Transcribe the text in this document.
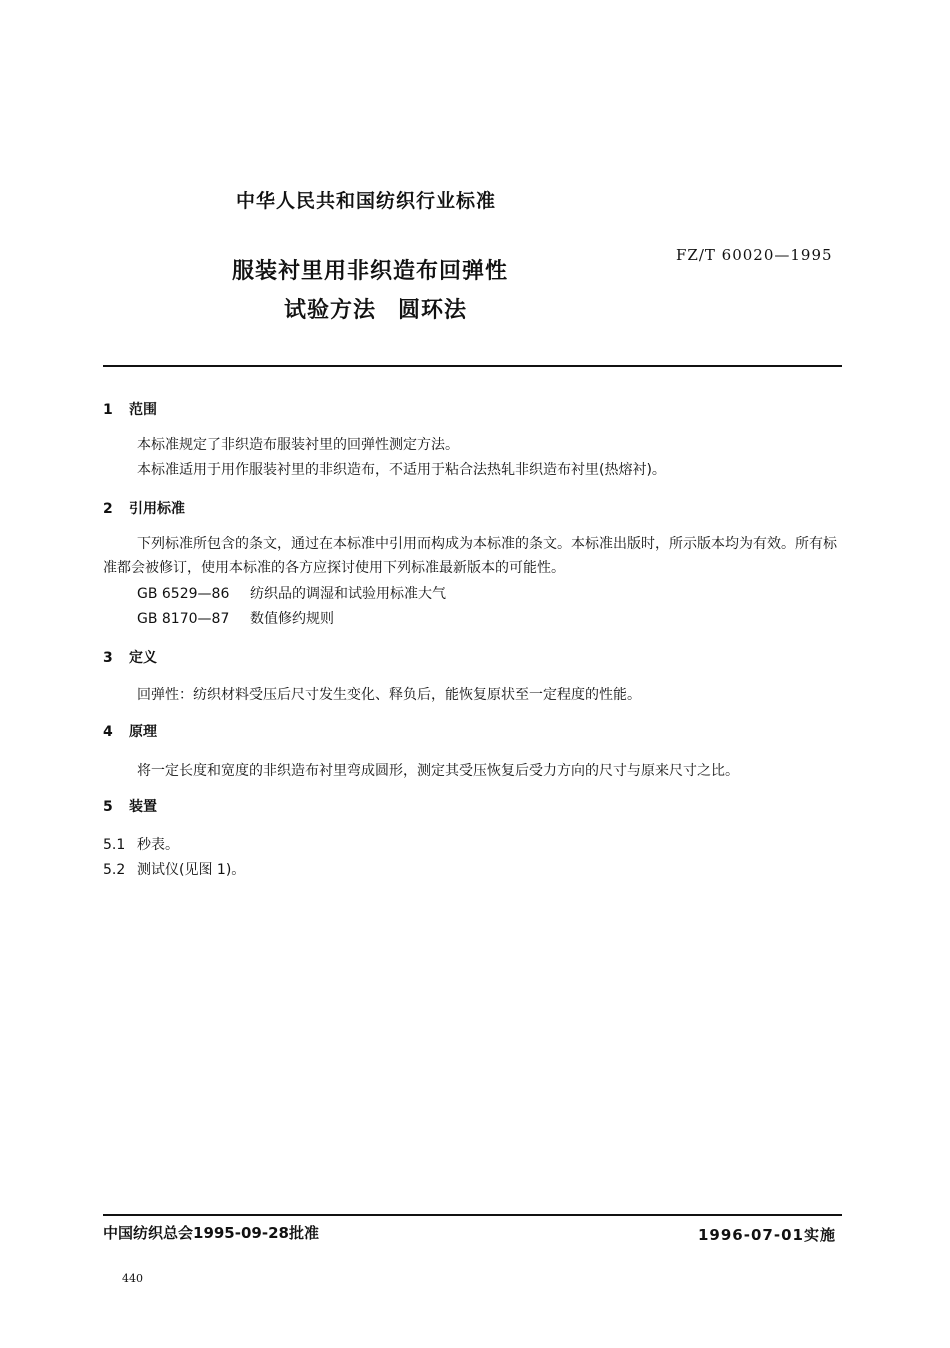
中华人民共和国纺织行业标准
FZ/T 60020—1995
服装衬里用非织造布回弹性
试验方法 圆环法
1 范围
本标准规定了非织造布服装衬里的回弹性测定方法。
本标准适用于用作服装衬里的非织造布，不适用于粘合法热轧非织造布衬里(热熔衬)。
2 引用标准
下列标准所包含的条文，通过在本标准中引用而构成为本标准的条文。本标准出版时，所示版本均为有效。所有标准都会被修订，使用本标准的各方应探讨使用下列标准最新版本的可能性。
GB 6529—86 纺织品的调湿和试验用标准大气
GB 8170—87 数值修约规则
3 定义
回弹性：纺织材料受压后尺寸发生变化、释负后，能恢复原状至一定程度的性能。
4 原理
将一定长度和宽度的非织造布衬里弯成圆形，测定其受压恢复后受力方向的尺寸与原来尺寸之比。
5 装置
5.1 秒表。
5.2 测试仪(见图 1)。
中国纺织总会1995-09-28批准	1996-07-01实施
440
